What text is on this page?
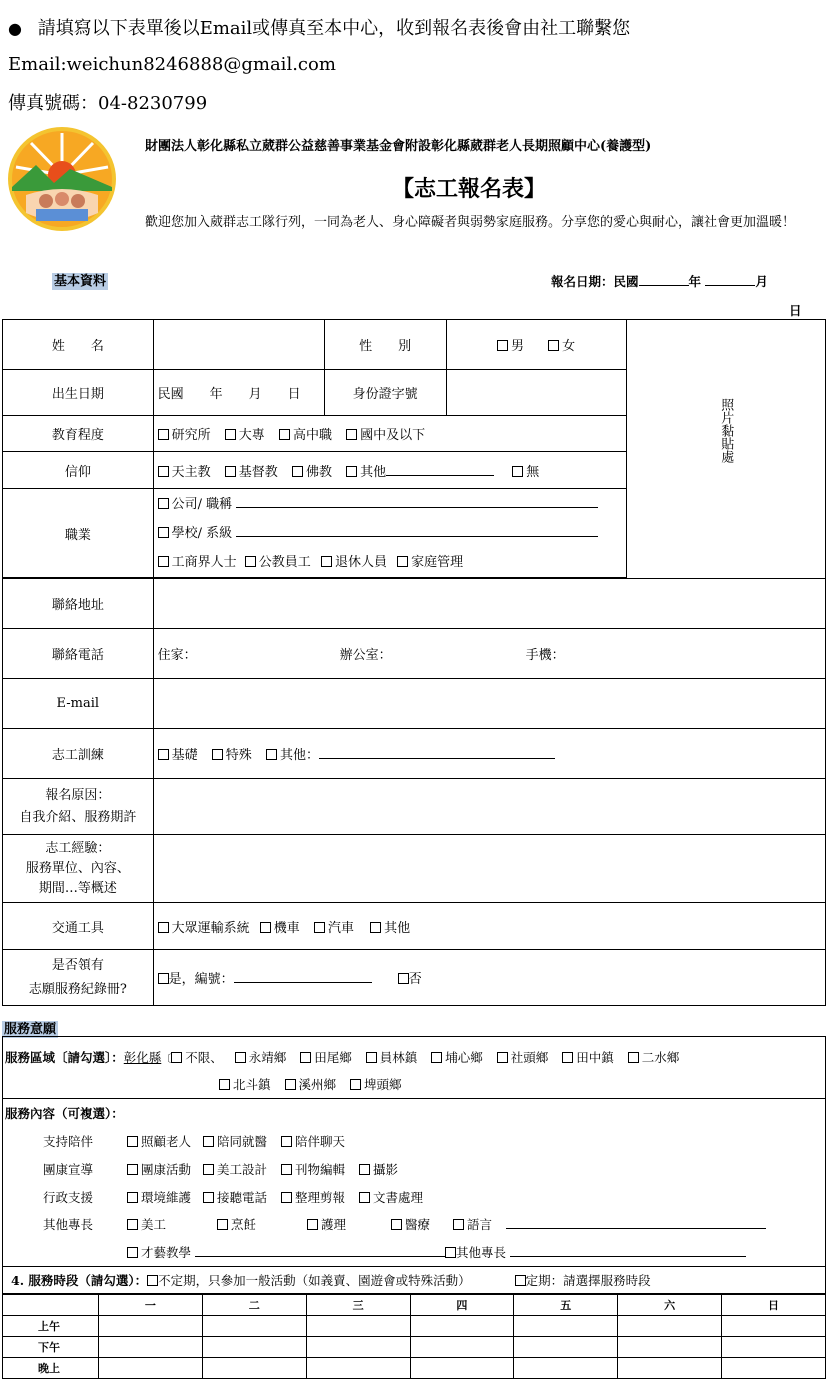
● 請填寫以下表單後以Email或傳真至本中心，收到報名表後會由社工聯繫您
Email:weichun8246888@gmail.com
傳真號碼：04-8230799
財團法人彰化縣私立葳群公益慈善事業基金會附設彰化縣葳群老人長期照顧中心(養護型)
【志工報名表】
歡迎您加入葳群志工隊行列，一同為老人、身心障礙者與弱勢家庭服務。分享您的愛心與耐心，讓社會更加溫暖！
基本資料	報名日期：民國	年	月
日
姓　　名		性　　別	男 女	照片黏貼處

出生日期	民國　　年　　月　　日	身份證字號		
教育程度	研究所 大專 高中職 國中及以下			
信仰	天主教 基督教 佛教 其他 無			
職業	公司/ 職稱
學校/ 系級
工商界人士 公教員工 退休人員 家庭管理			

聯絡地址				
聯絡電話	住家： 辦公室： 手機：			
E-mail				
志工訓練	基礎 特殊 其他：			

報名原因：
自我介紹、服務期許				

志工經驗：
服務單位、內容、
期間…等概述				

交通工具	大眾運輸系統 機車 汽車 其他			

是否領有
志願服務紀錄冊?	是，編號： 否			
服務意願
服務區域〔請勾選〕：彰化縣〔 不限、 永靖鄉 田尾鄉 員林鎮 埔心鄉 社頭鄉 田中鎮 二水鄉
北斗鎮 溪州鄉 埤頭鄉
服務內容（可複選）：
支持陪伴	照顧老人 陪同就醫 陪伴聊天
團康宣導	團康活動 美工設計 刊物編輯 攝影
行政支援	環境維護 接聽電話 整理剪報 文書處理
其他專長	美工	烹飪	護理	醫療	語言
才藝教學	其他專長
4. 服務時段（請勾選）： 不定期，只參加一般活動（如義賣、園遊會或特殊活動）	定期：請選擇服務時段
	一	二	三	四	五	六	日
上午							
下午							
晚上							
